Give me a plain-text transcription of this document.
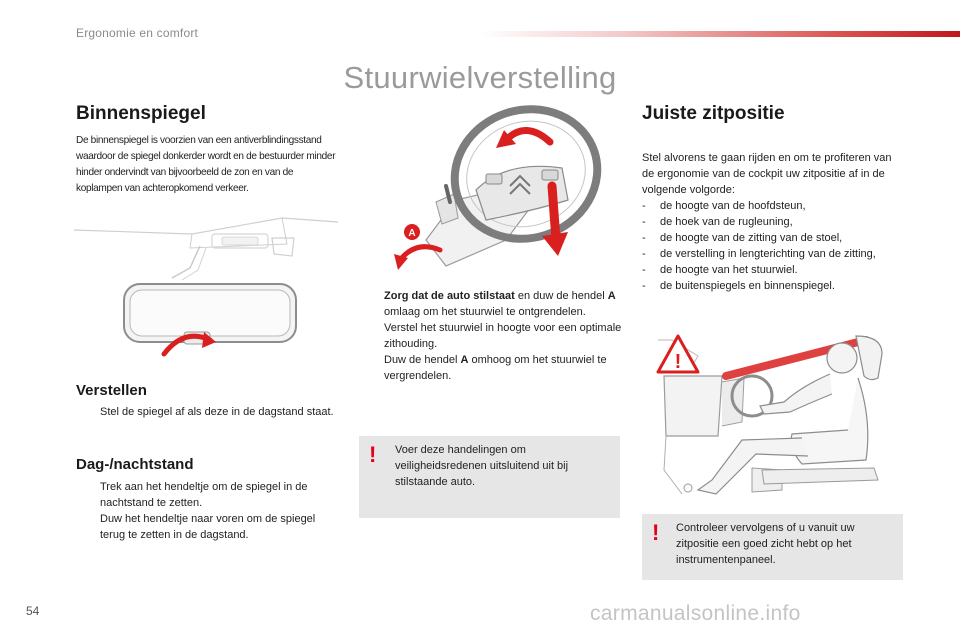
Ergonomie en comfort
Stuurwielverstelling
Binnenspiegel
De binnenspiegel is voorzien van een antiverblindingsstand waardoor de spiegel donkerder wordt en de bestuurder minder hinder ondervindt van bijvoorbeeld de zon en van de koplampen van achteropkomend verkeer.
Verstellen
Stel de spiegel af als deze in de dagstand staat.
Dag-/nachtstand
Trek aan het hendeltje om de spiegel in de nachtstand te zetten.
Duw het hendeltje naar voren om de spiegel terug te zetten in de dagstand.
A
Zorg dat de auto stilstaat en duw de hendel A omlaag om het stuurwiel te ontgrendelen.
Verstel het stuurwiel in hoogte voor een optimale zithouding.
Duw de hendel A omhoog om het stuurwiel te vergrendelen.
! Voer deze handelingen om veiligheidsredenen uitsluitend uit bij stilstaande auto.
Juiste zitpositie
Stel alvorens te gaan rijden en om te profiteren van de ergonomie van de cockpit uw zitpositie af in de volgende volgorde:
- de hoogte van de hoofdsteun,
- de hoek van de rugleuning,
- de hoogte van de zitting van de stoel,
- de verstelling in lengterichting van de zitting,
- de hoogte van het stuurwiel.
- de buitenspiegels en binnenspiegel.
!
! Controleer vervolgens of u vanuit uw zitpositie een goed zicht hebt op het instrumentenpaneel.
54	carmanualsonline.info
